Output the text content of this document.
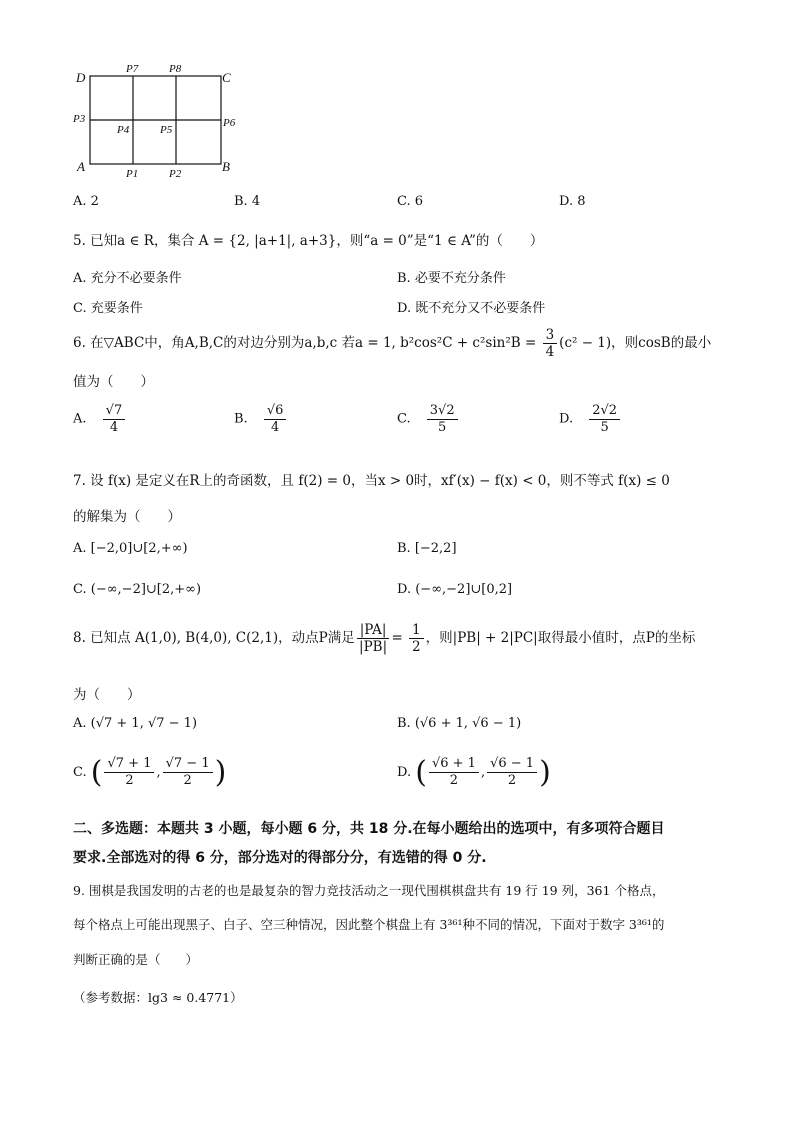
D	C
A	B
P7	P8
P3
P4	P5
P6
P1	P2
A. 2	B. 4	C. 6	D. 8
5. 已知a ∈ R，集合 A = {2, |a+1|, a+3}，则“a = 0”是“1 ∈ A”的（　　）
A. 充分不必要条件	B. 必要不充分条件
C. 充要条件	D. 既不充分又不必要条件
6. 在▽ABC中，角A,B,C的对边分别为a,b,c 若a = 1, $b^2\cos^2C + c^2\sin^2B = \frac{3}{4} (c^2 - 1)$，则cosB的最小
值为（　　）
A. $\frac{√7}{4}$	B. $\frac{√6}{4}$	C. $\frac{3√2}{5}$	D. $\frac{2√2}{5}$
7. 设 f(x) 是定义在R上的奇函数，且 f(2) = 0，当x > 0时，xf′(x) − f(x) < 0，则不等式 f(x) ≤ 0
的解集为（　　）
A. [−2,0]∪[2,+∞)	B. [−2,2]
C. (−∞,−2]∪[2,+∞)	D. (−∞,−2]∪[0,2]
8. 已知点 A(1,0), B(4,0), C(2,1)，动点P满足 $\frac{|PA|}{|PB|} = \frac{1}{2}$ ，则|PB| + 2|PC|取得最小值时，点P的坐标
为（　　）
A. (√7 + 1, √7 − 1)	B. (√6 + 1, √6 − 1)
C. ( $\frac{√7 + 1}{2}$ , $\frac{√7 - 1}{2}$ )	D. ( $\frac{√6 + 1}{2}$ , $\frac{√6 - 1}{2}$ )
二、多选题：本题共 3 小题，每小题 6 分，共 18 分.在每小题给出的选项中，有多项符合题目
要求.全部选对的得 6 分，部分选对的得部分分，有选错的得 0 分.
9. 围棋是我国发明的古老的也是最复杂的智力竞技活动之一现代围棋棋盘共有 19 行 19 列，361 个格点，
每个格点上可能出现黑子、白子、空三种情况，因此整个棋盘上有 3³⁶¹种不同的情况，下面对于数字 3³⁶¹的
判断正确的是（　　）
（参考数据：lg3 ≈ 0.4771）
